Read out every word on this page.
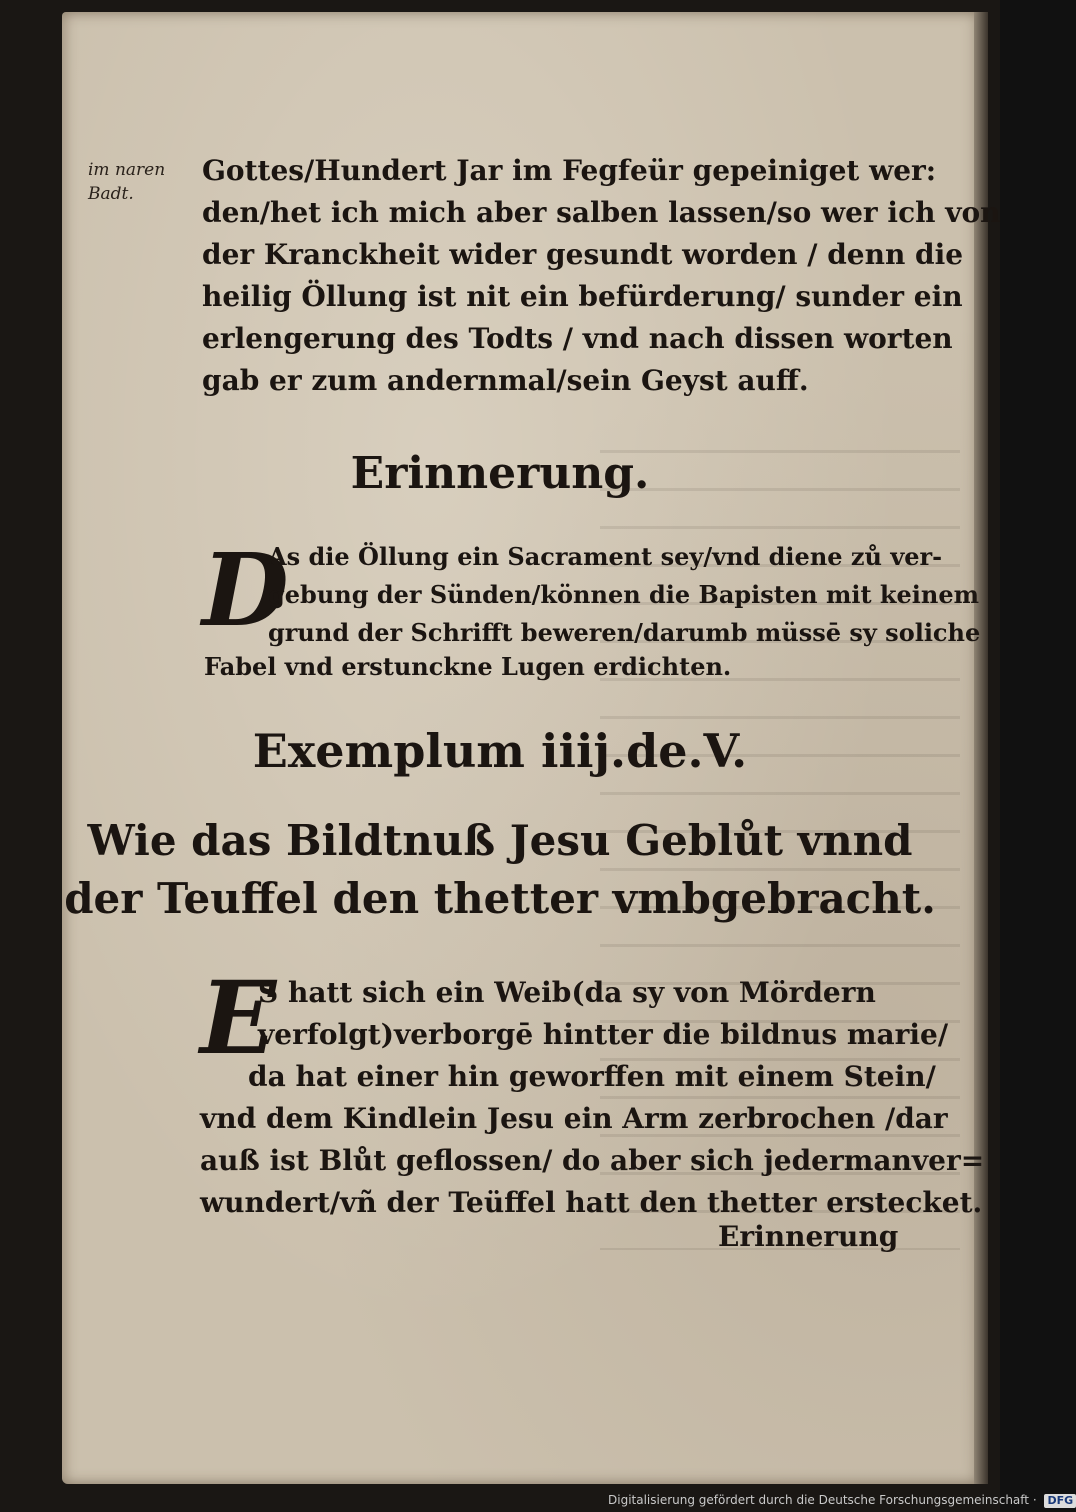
im naren
Badt.
Gottes/Hundert Jar im Fegfeür gepeiniget wer:
den/het ich mich aber salben lassen/so wer ich von
der Kranckheit wider gesundt worden / denn die
heilig Öllung ist nit ein befürderung/ sunder ein
erlengerung des Todts / vnd nach dissen worten
gab er zum andernmal/sein Geyst auff.
Erinnerung.
D
As die Öllung ein Sacrament sey/vnd diene zů ver-
gebung der Sünden/können die Bapisten mit keinem
grund der Schrifft beweren/darumb müssē sy soliche
Fabel vnd erstunckne Lugen erdichten.
Exemplum iiij.de.V.
Wie das Bildtnuß Jesu Geblůt vnnd
der Teuffel den thetter vmbgebracht.
E
S hatt sich ein Weib(da sy von Mördern
verfolgt)verborgē hintter die bildnus marie/
da hat einer hin geworffen mit einem Stein/
vnd dem Kindlein Jesu ein Arm zerbrochen /dar
auß ist Blůt geflossen/ do aber sich jedermanver=
wundert/vñ der Teüffel hatt den thetter erstecket.
Erinnerung
Digitalisierung gefördert durch die Deutsche Forschungsgemeinschaft · DFG
